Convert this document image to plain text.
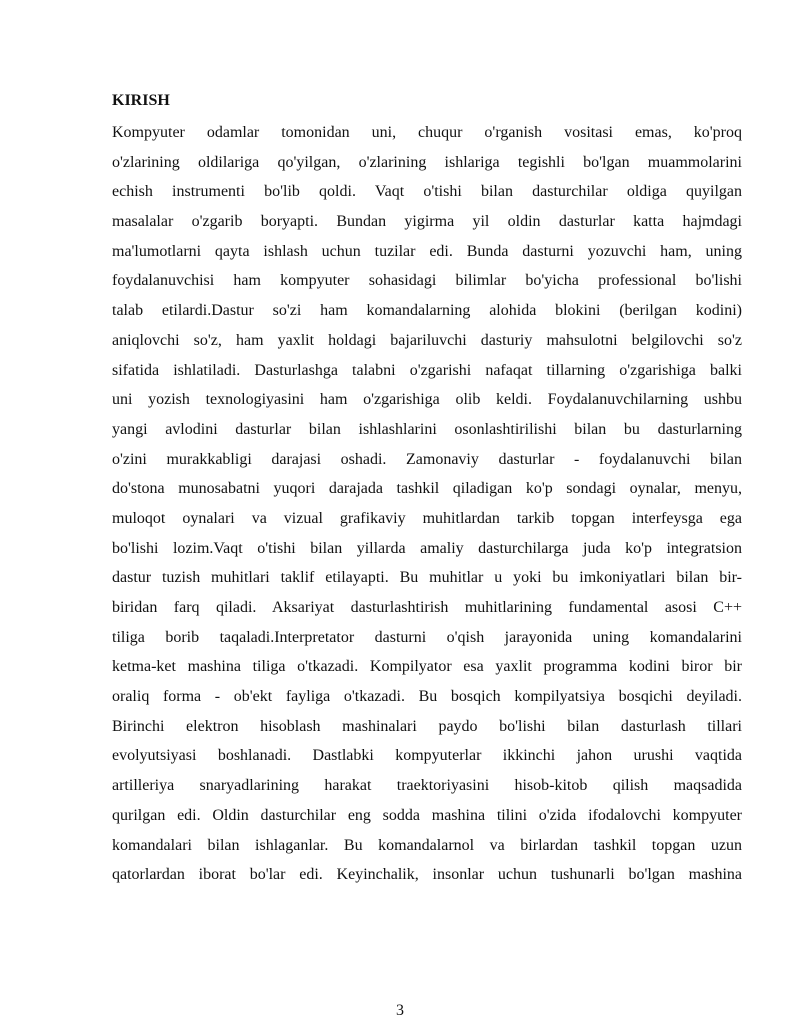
KIRISH
Kompyuter odamlar tomonidan uni, chuqur o'rganish vositasi emas, ko'proq
o'zlarining oldilariga qo'yilgan, o'zlarining ishlariga tegishli bo'lgan muammolarini
echish instrumenti bo'lib qoldi. Vaqt o'tishi bilan dasturchilar oldiga quyilgan
masalalar o'zgarib boryapti. Bundan yigirma yil oldin dasturlar katta hajmdagi
ma'lumotlarni qayta ishlash uchun tuzilar edi. Bunda dasturni yozuvchi ham, uning
foydalanuvchisi ham kompyuter sohasidagi bilimlar bo'yicha professional bo'lishi
talab etilardi.Dastur so'zi ham komandalarning alohida blokini (berilgan kodini)
aniqlovchi so'z, ham yaxlit holdagi bajariluvchi dasturiy mahsulotni belgilovchi so'z
sifatida ishlatiladi. Dasturlashga talabni o'zgarishi nafaqat tillarning o'zgarishiga balki
uni yozish texnologiyasini ham o'zgarishiga olib keldi. Foydalanuvchilarning ushbu
yangi avlodini dasturlar bilan ishlashlarini osonlashtirilishi bilan bu dasturlarning
o'zini murakkabligi darajasi oshadi. Zamonaviy dasturlar - foydalanuvchi bilan
do'stona munosabatni yuqori darajada tashkil qiladigan ko'p sondagi oynalar, menyu,
muloqot oynalari va vizual grafikaviy muhitlardan tarkib topgan interfeysga ega
bo'lishi lozim.Vaqt o'tishi bilan yillarda amaliy dasturchilarga juda ko'p integratsion
dastur tuzish muhitlari taklif etilayapti. Bu muhitlar u yoki bu imkoniyatlari bilan bir-
biridan farq qiladi. Aksariyat dasturlashtirish muhitlarining fundamental asosi C++
tiliga borib taqaladi.Interpretator dasturni o'qish jarayonida uning komandalarini
ketma-ket mashina tiliga o'tkazadi. Kompilyator esa yaxlit programma kodini biror bir
oraliq forma - ob'ekt fayliga o'tkazadi. Bu bosqich kompilyatsiya bosqichi deyiladi.
Birinchi elektron hisoblash mashinalari paydo bo'lishi bilan dasturlash tillari
evolyutsiyasi boshlanadi. Dastlabki kompyuterlar ikkinchi jahon urushi vaqtida
artilleriya snaryadlarining harakat traektoriyasini hisob-kitob qilish maqsadida
qurilgan edi. Oldin dasturchilar eng sodda mashina tilini o'zida ifodalovchi kompyuter
komandalari bilan ishlaganlar. Bu komandalarnol va birlardan tashkil topgan uzun
qatorlardan iborat bo'lar edi. Keyinchalik, insonlar uchun tushunarli bo'lgan mashina

3
